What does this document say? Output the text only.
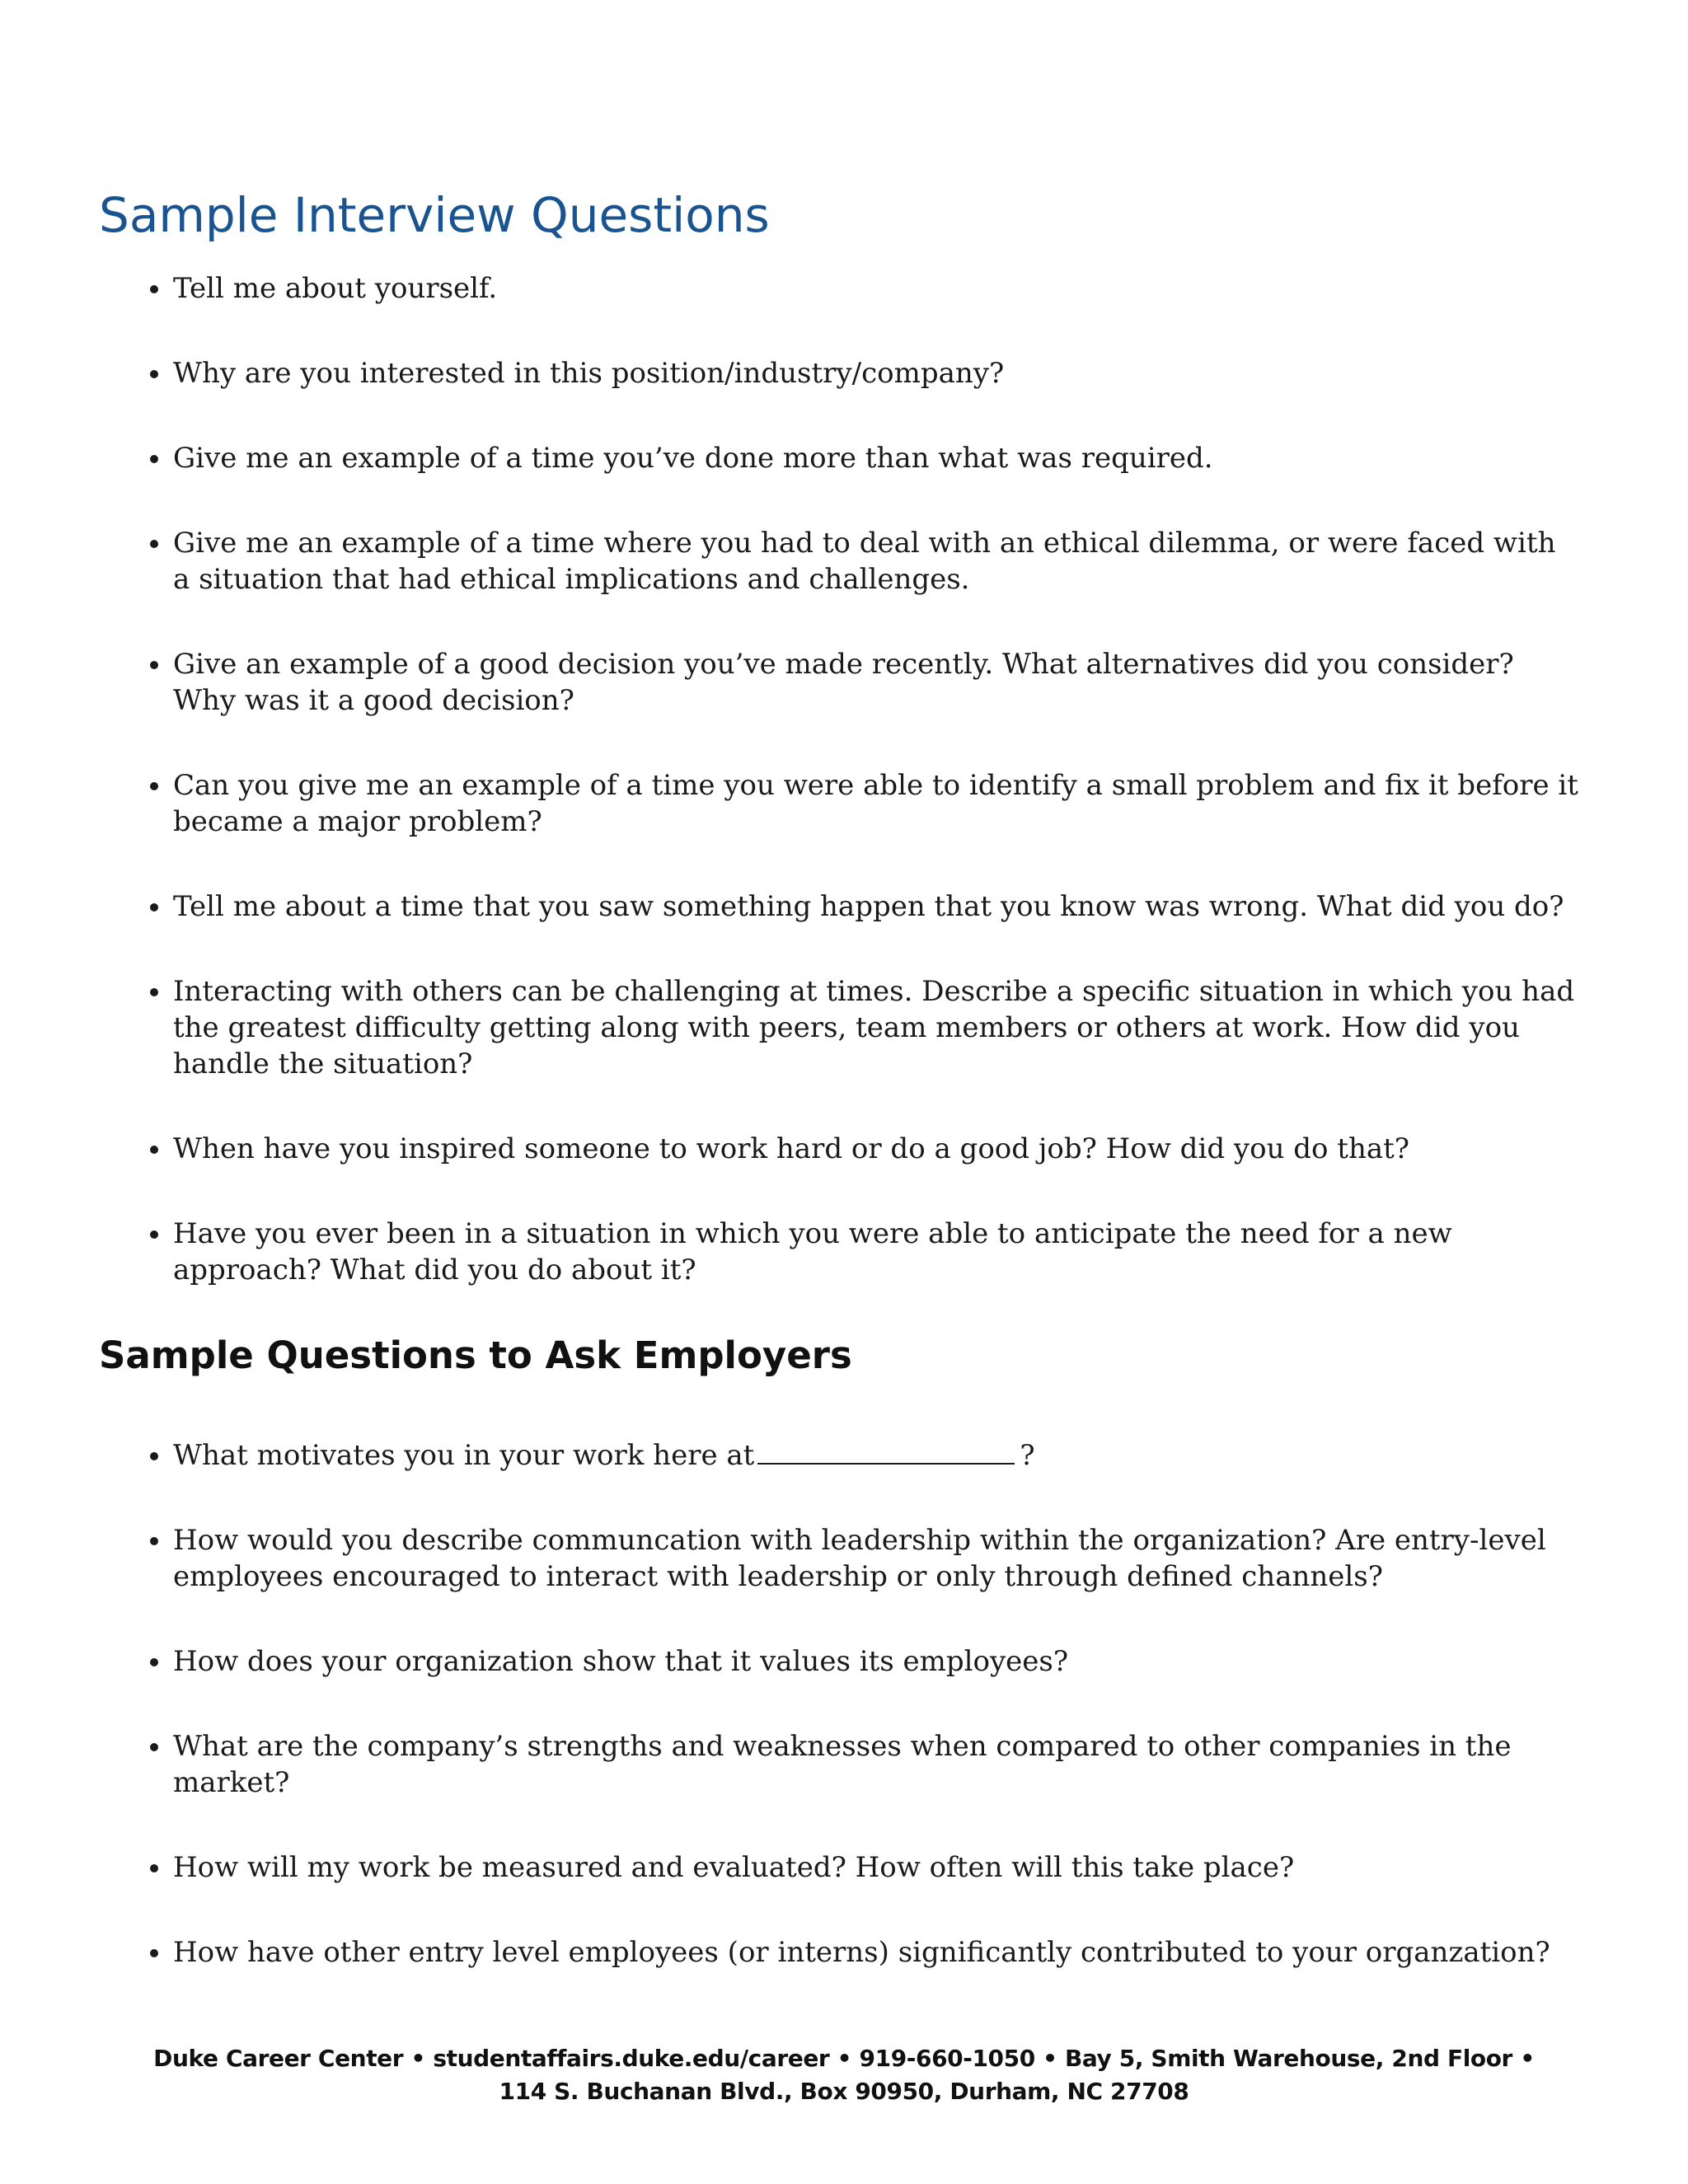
Sample Interview Questions
Tell me about yourself.
Why are you interested in this position/industry/company?
Give me an example of a time you’ve done more than what was required.
Give me an example of a time where you had to deal with an ethical dilemma, or were faced with a situation that had ethical implications and challenges.
Give an example of a good decision you’ve made recently. What alternatives did you consider? Why was it a good decision?
Can you give me an example of a time you were able to identify a small problem and fix it before it became a major problem?
Tell me about a time that you saw something happen that you know was wrong. What did you do?
Interacting with others can be challenging at times. Describe a specific situation in which you had the greatest difficulty getting along with peers, team members or others at work. How did you handle the situation?
When have you inspired someone to work hard or do a good job? How did you do that?
Have you ever been in a situation in which you were able to anticipate the need for a new approach? What did you do about it?
Sample Questions to Ask Employers
What motivates you in your work here at	?
How would you describe communcation with leadership within the organization? Are entry-level employees encouraged to interact with leadership or only through defined channels?
How does your organization show that it values its employees?
What are the company’s strengths and weaknesses when compared to other companies in the market?
How will my work be measured and evaluated? How often will this take place?
How have other entry level employees (or interns) significantly contributed to your organzation?
Duke Career Center • studentaffairs.duke.edu/career • 919-660-1050 • Bay 5, Smith Warehouse, 2nd Floor •
114 S. Buchanan Blvd., Box 90950, Durham, NC 27708
